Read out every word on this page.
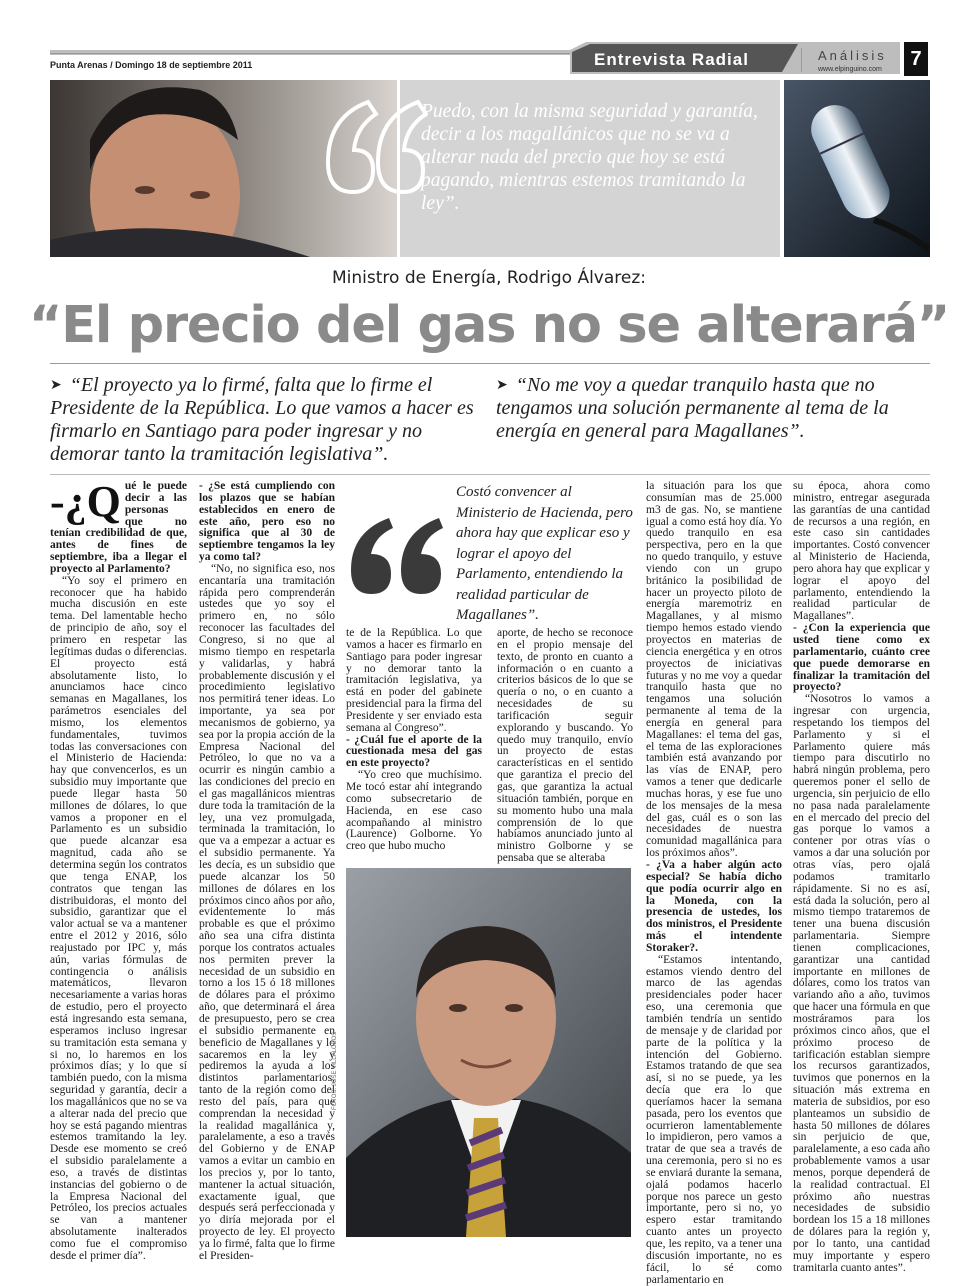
Punta Arenas / Domingo 18 de septiembre 2011	Entrevista Radial	Análisis
www.elpinguino.com	7
Puedo, con la misma seguridad y garantía, decir a los magallánicos que no se va a alterar nada del precio que hoy se está pagando, mientras estemos tramitando la ley”.
Ministro de Energía, Rodrigo Álvarez:
“El precio del gas no se alterará”
➤ “El proyecto ya lo firmé, falta que lo firme el Presidente de la República. Lo que vamos a hacer es firmarlo en Santiago para poder ingresar y no demorar tanto la tramitación legislativa”.
➤ “No me voy a quedar tranquilo hasta que no tengamos una solución permanente al tema de la energía en general para Magallanes”.

-¿Q ué le puede decir a las personas que no tenían credibilidad de que, antes de fines de septiembre, iba a llegar el proyecto al Parlamento?

“Yo soy el primero en reconocer que ha habido mucha discusión en este tema. Del lamentable hecho de principio de año, soy el primero en respetar las legítimas dudas o diferencias. El proyecto está absolutamente listo, lo anunciamos hace cinco semanas en Magallanes, los parámetros esenciales del mismo, los elementos fundamentales, tuvimos todas las conversaciones con el Ministerio de Hacienda: hay que convencerlos, es un subsidio muy importante que puede llegar hasta 50 millones de dólares, lo que vamos a proponer en el Parlamento es un subsidio que puede alcanzar esa magnitud, cada año se determina según los contratos que tenga ENAP, los contratos que tengan las distribuidoras, el monto del subsidio, garantizar que el valor actual se va a mantener entre el 2012 y 2016, sólo reajustado por IPC y, más aún, varias fórmulas de contingencia o análisis matemáticos, llevaron necesariamente a varias horas de estudio, pero el proyecto está ingresando esta semana, esperamos incluso ingresar su tramitación esta semana y si no, lo haremos en los próximos días; y lo que sí también puedo, con la misma seguridad y garantía, decir a los magallánicos que no se va a alterar nada del precio que hoy se está pagando mientras estemos tramitando la ley. Desde ese momento se creó el subsidio paralelamente a eso, a través de distintas instancias del gobierno o de la Empresa Nacional del Petróleo, los precios actuales se van a mantener absolutamente inalterados como fue el compromiso desde el primer día”.

- ¿Se está cumpliendo con los plazos que se habían establecidos en enero de este año, pero eso no significa que al 30 de septiembre tengamos la ley ya como tal?

“No, no significa eso, nos encantaría una tramitación rápida pero comprenderán ustedes que yo soy el primero en, no sólo reconocer las facultades del Congreso, si no que al mismo tiempo en respetarla y validarlas, y habrá probablemente discusión y el procedimiento legislativo nos permitirá tener ideas. Lo importante, ya sea por mecanismos de gobierno, ya sea por la propia acción de la Empresa Nacional del Petróleo, lo que no va a ocurrir es ningún cambio a las condiciones del precio en el gas magallánicos mientras dure toda la tramitación de la ley, una vez promulgada, terminada la tramitación, lo que va a empezar a actuar es el subsidio permanente. Ya les decía, es un subsidio que puede alcanzar los 50 millones de dólares en los próximos cinco años por año, evidentemente lo más probable es que el próximo año sea una cifra distinta porque los contratos actuales nos permiten prever la necesidad de un subsidio en torno a los 15 ó 18 millones de dólares para el próximo año, que determinará el área de presupuesto, pero se crea el subsidio permanente en beneficio de Magallanes y lo sacaremos en la ley y pediremos la ayuda a los distintos parlamentarios, tanto de la región como del resto del país, para que comprendan la necesidad y la realidad magallánica y, paralelamente, a eso a través del Gobierno y de ENAP vamos a evitar un cambio en los precios y, por lo tanto, mantener la actual situación, exactamente igual, que después será perfeccionada y yo diría mejorada por el proyecto de ley. El proyecto ya lo firmé, falta que lo firme el Presiden-

Costó convencer al Ministerio de Hacienda, pero ahora hay que explicar eso y lograr el apoyo del Parlamento, entendiendo la realidad particular de Magallanes”.

te de la República. Lo que vamos a hacer es firmarlo en Santiago para poder ingresar y no demorar tanto la tramitación legislativa, ya está en poder del gabinete presidencial para la firma del Presidente y ser enviado esta semana al Congreso”.

- ¿Cuál fue el aporte de la cuestionada mesa del gas en este proyecto?

“Yo creo que muchísimo. Me tocó estar ahí integrando como subsecretario de Hacienda, en ese caso acompañando al ministro (Laurence) Golborne. Yo creo que hubo mucho

aporte, de hecho se reconoce en el propio mensaje del texto, de pronto en cuanto a información o en cuanto a criterios básicos de lo que se quería o no, o en cuanto a necesidades de su tarificación seguir explorando y buscando. Yo quedo muy tranquilo, envío un proyecto de estas características en el sentido que garantiza el precio del gas, que garantiza la actual situación también, porque en su momento hubo una mala comprensión de lo que habíamos anunciado junto al ministro Golborne y se pensaba que se alteraba

la situación para los que consumían mas de 25.000 m3 de gas. No, se mantiene igual a como está hoy día. Yo quedo tranquilo en esa perspectiva, pero en la que no quedo tranquilo, y estuve viendo con un grupo británico la posibilidad de hacer un proyecto piloto de energía maremotriz en Magallanes, y al mismo tiempo hemos estado viendo proyectos en materias de ciencia energética y en otros proyectos de iniciativas futuras y no me voy a quedar tranquilo hasta que no tengamos una solución permanente al tema de la energía en general para Magallanes: el tema del gas, el tema de las exploraciones también está avanzando por las vías de ENAP, pero vamos a tener que dedicarle muchas horas, y ese fue uno de los mensajes de la mesa del gas, cuál es o son las necesidades de nuestra comunidad magallánica para los próximos años”.

- ¿Va a haber algún acto especial? Se había dicho que podía ocurrir algo en la Moneda, con la presencia de ustedes, los dos ministros, el Presidente más el intendente Storaker?.

“Estamos intentando, estamos viendo dentro del marco de las agendas presidenciales poder hacer eso, una ceremonia que también tendría un sentido de mensaje y de claridad por parte de la política y la intención del Gobierno. Estamos tratando de que sea así, si no se puede, ya les decía que era lo que queríamos hacer la semana pasada, pero los eventos que ocurrieron lamentablemente lo impidieron, pero vamos a tratar de que sea a través de una ceremonia, pero si no es se enviará durante la semana, ojalá podamos hacerlo porque nos parece un gesto importante, pero si no, yo espero estar tramitando cuanto antes un proyecto que, les repito, va a tener una discusión importante, no es fácil, lo sé como parlamentario en

su época, ahora como ministro, entregar asegurada las garantías de una cantidad de recursos a una región, en este caso sin cantidades importantes. Costó convencer al Ministerio de Hacienda, pero ahora hay que explicar y lograr el apoyo del parlamento, entendiendo la realidad particular de Magallanes”.

- ¿Con la experiencia que usted tiene como ex parlamentario, cuánto cree que puede demorarse en finalizar la tramitación del proyecto?

“Nosotros lo vamos a ingresar con urgencia, respetando los tiempos del Parlamento y si el Parlamento quiere más tiempo para discutirlo no habrá ningún problema, pero queremos poner el sello de urgencia, sin perjuicio de ello no pasa nada paralelamente en el mercado del precio del gas porque lo vamos a contener por otras vías o vamos a dar una solución por otras vías, pero ojalá podamos tramitarlo rápidamente. Si no es así, está dada la solución, pero al mismo tiempo trataremos de tener una buena discusión parlamentaria. Siempre tienen complicaciones, garantizar una cantidad importante en millones de dólares, como los tratos van variando año a año, tuvimos que hacer una fórmula en que mostráramos para los próximos cinco años, que el próximo proceso de tarificación establan siempre los recursos garantizados, tuvimos que ponernos en la situación más extrema en materia de subsidios, por eso planteamos un subsidio de hasta 50 millones de dólares sin perjuicio de que, paralelamente, a eso cada año probablemente vamos a usar menos, porque dependerá de la realidad contractual. El próximo año nuestras necesidades de subsidio bordean los 15 a 18 millones de dólares para la región y, por lo tanto, una cantidad muy importante y espero tramitarla cuanto antes”.

FOTOS: JOSE VILLALOBOS
